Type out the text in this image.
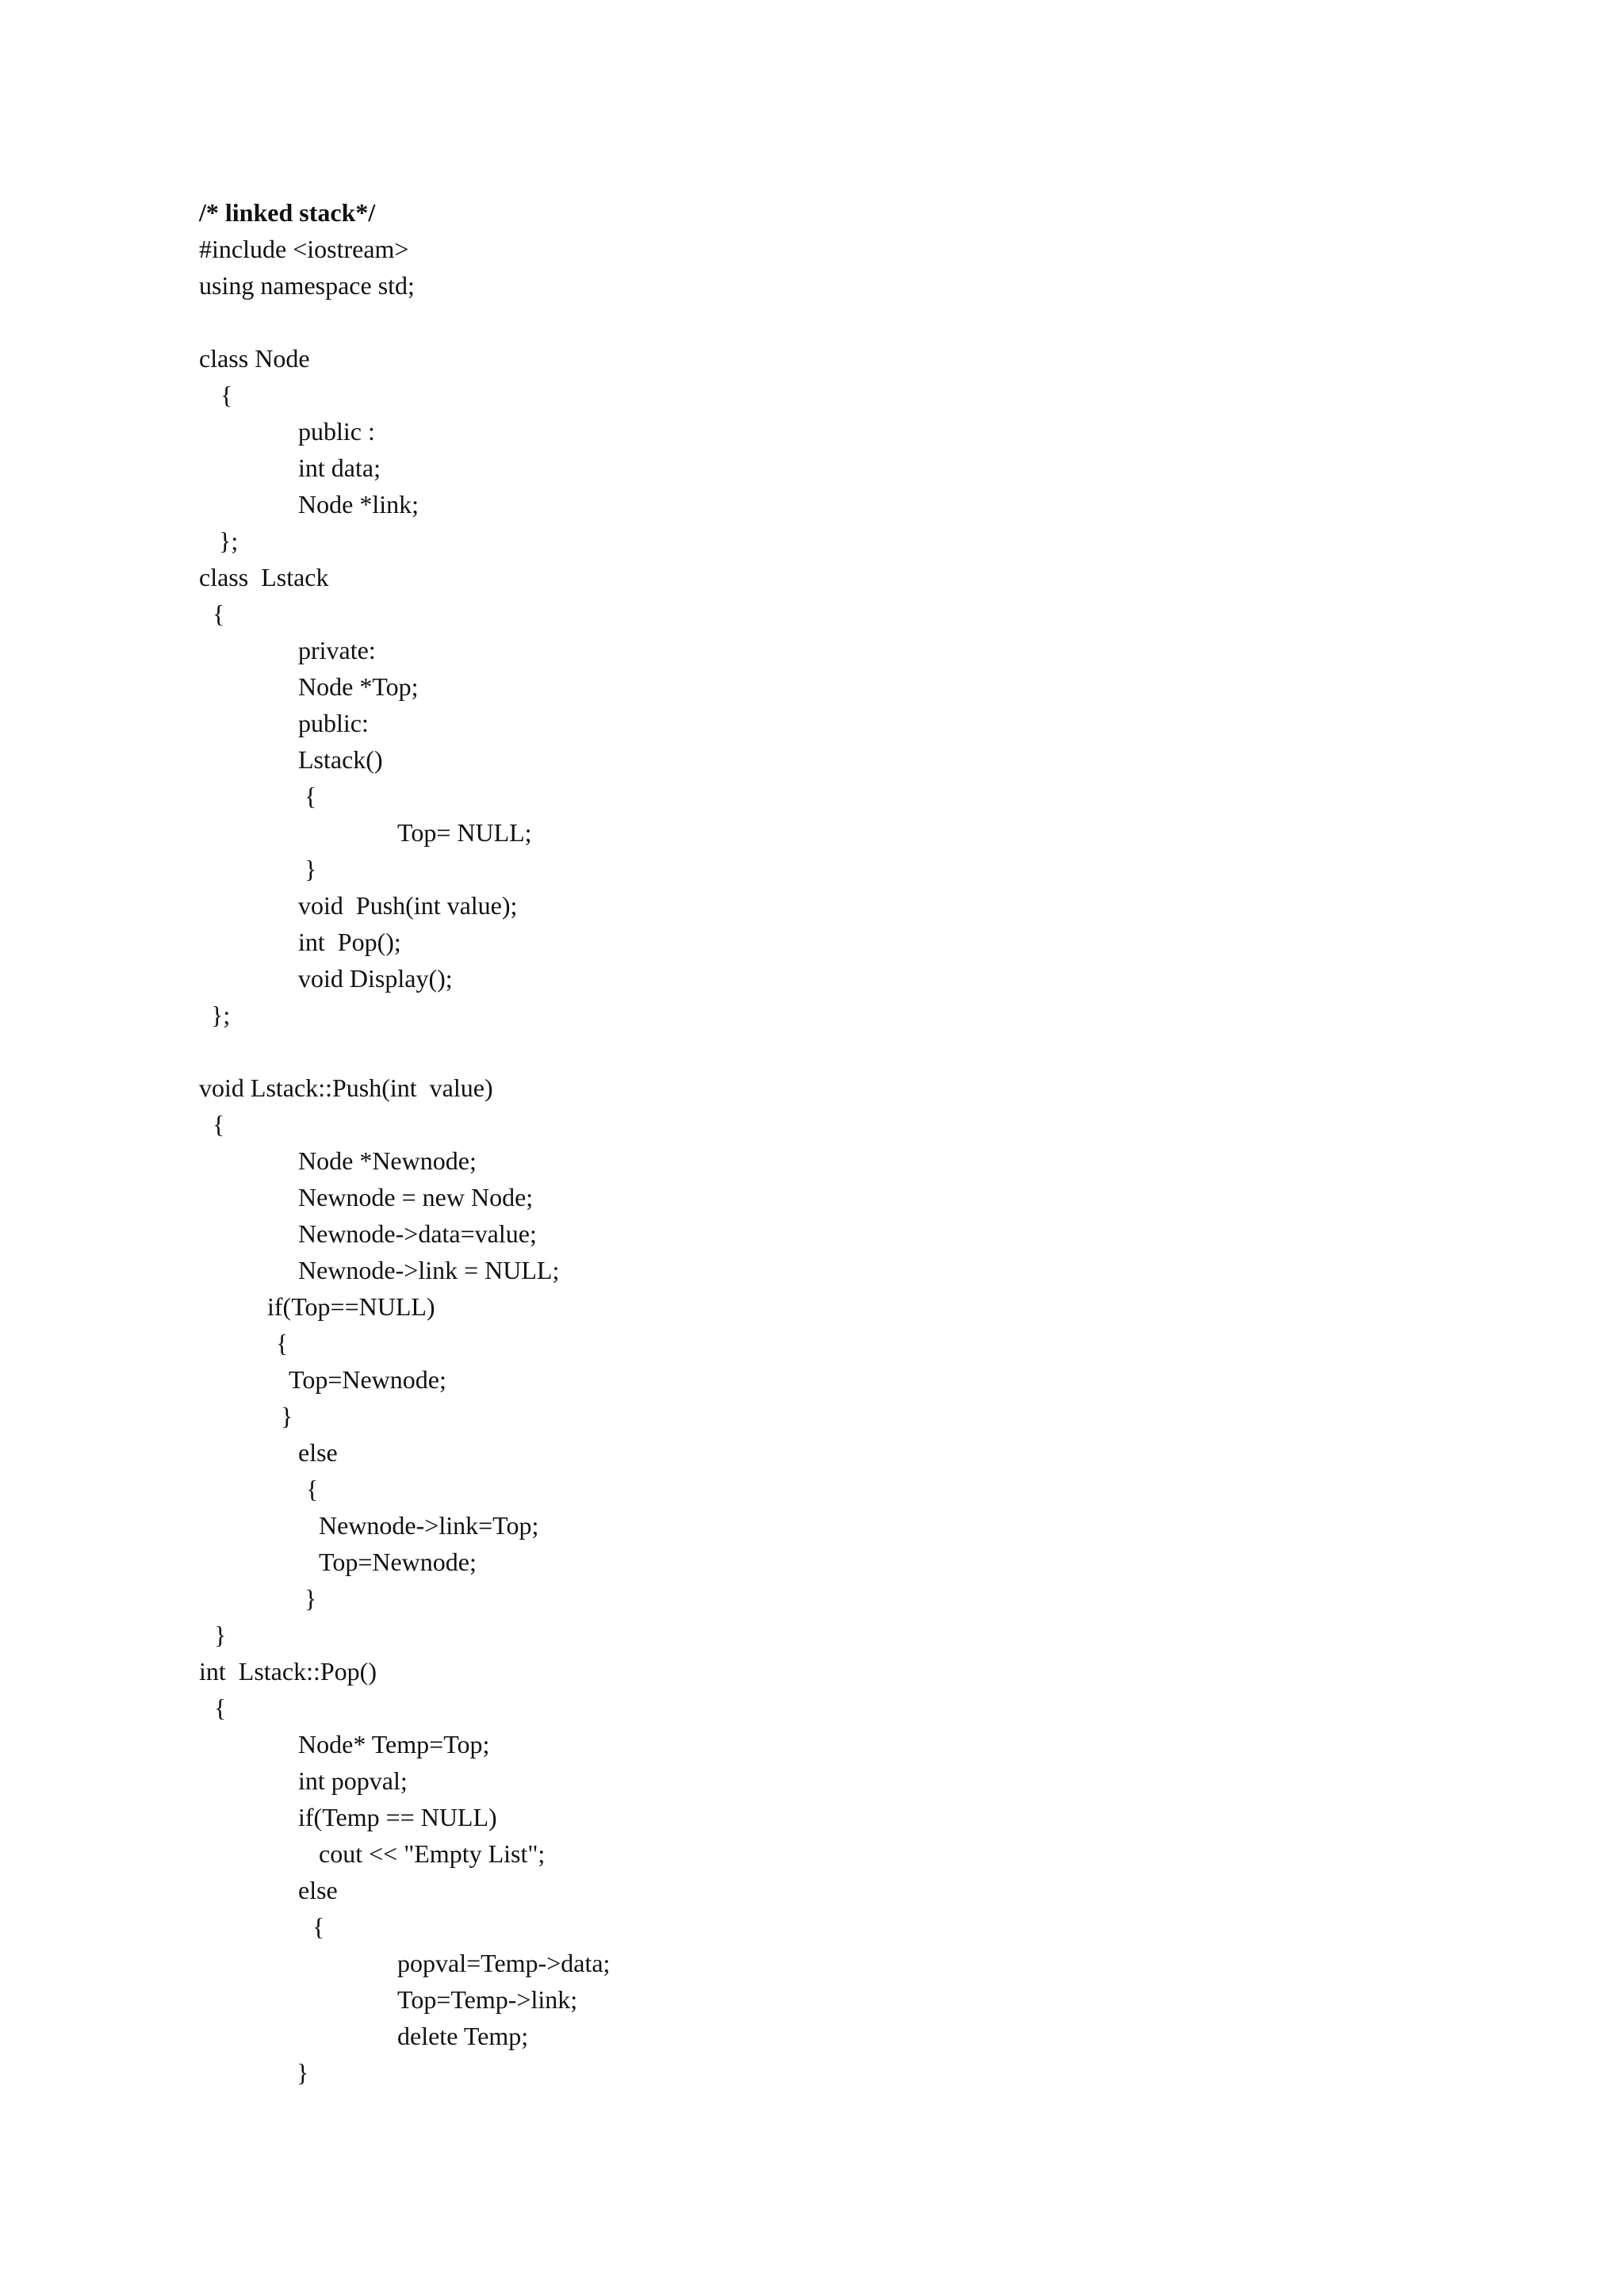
/* linked stack*/
#include <iostream>
using namespace std;
class Node
{
public :
int data;
Node *link;
};
class  Lstack
{
private:
Node *Top;
public:
Lstack()
{
Top= NULL;
}
void  Push(int value);
int  Pop();
void Display();
};
void Lstack::Push(int  value)
{
Node *Newnode;
Newnode = new Node;
Newnode->data=value;
Newnode->link = NULL;
if(Top==NULL)
{
Top=Newnode;
}
else
{
Newnode->link=Top;
Top=Newnode;
}
}
int  Lstack::Pop()
{
Node* Temp=Top;
int popval;
if(Temp == NULL)
cout << "Empty List";
else
{
popval=Temp->data;
Top=Temp->link;
delete Temp;
}
